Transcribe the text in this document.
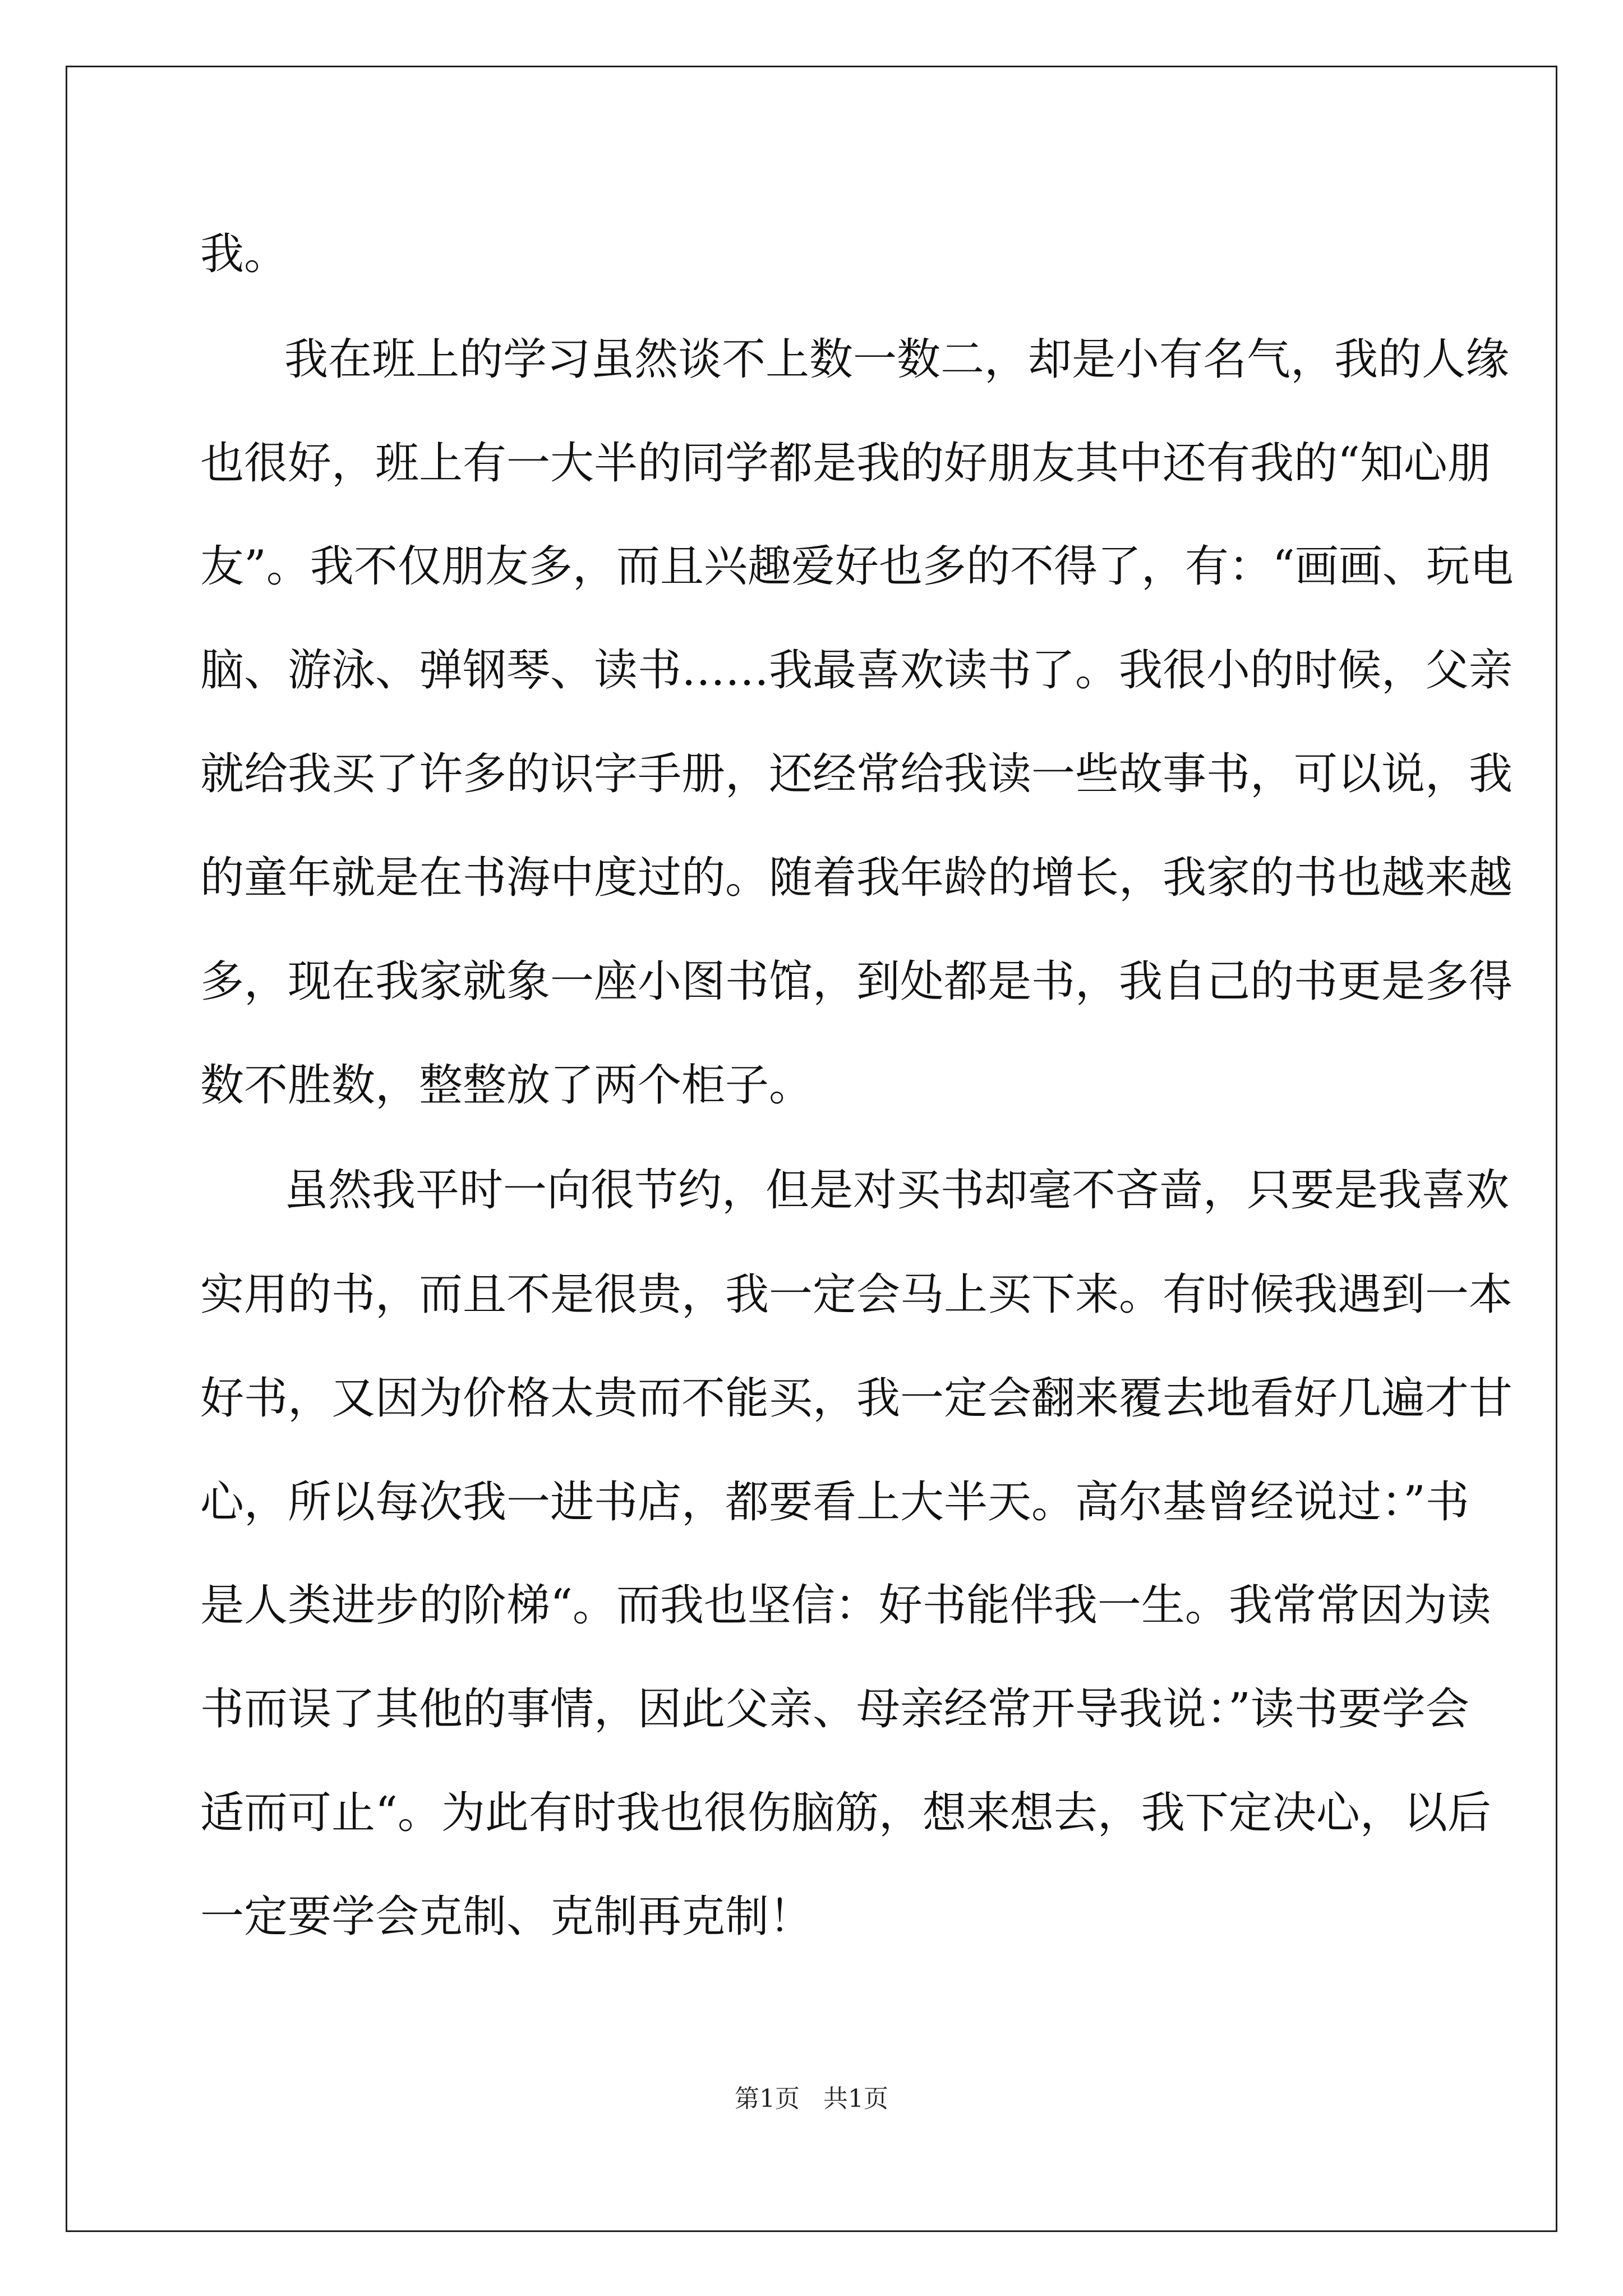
我。
我在班上的学习虽然谈不上数一数二，却是小有名气，我的人缘
也很好，班上有一大半的同学都是我的好朋友其中还有我的“知心朋
友”。我不仅朋友多，而且兴趣爱好也多的不得了，有：“画画、玩电
脑、游泳、弹钢琴、读书……我最喜欢读书了。我很小的时候，父亲
就给我买了许多的识字手册，还经常给我读一些故事书，可以说，我
的童年就是在书海中度过的。随着我年龄的增长，我家的书也越来越
多，现在我家就象一座小图书馆，到处都是书，我自己的书更是多得
数不胜数，整整放了两个柜子。
虽然我平时一向很节约，但是对买书却毫不吝啬，只要是我喜欢
实用的书，而且不是很贵，我一定会马上买下来。有时候我遇到一本
好书，又因为价格太贵而不能买，我一定会翻来覆去地看好几遍才甘
心，所以每次我一进书店，都要看上大半天。高尔基曾经说过：”书
是人类进步的阶梯“。而我也坚信：好书能伴我一生。我常常因为读
书而误了其他的事情，因此父亲、母亲经常开导我说：”读书要学会
适而可止“。为此有时我也很伤脑筋，想来想去，我下定决心，以后
一定要学会克制、克制再克制！
第1页 共1页
